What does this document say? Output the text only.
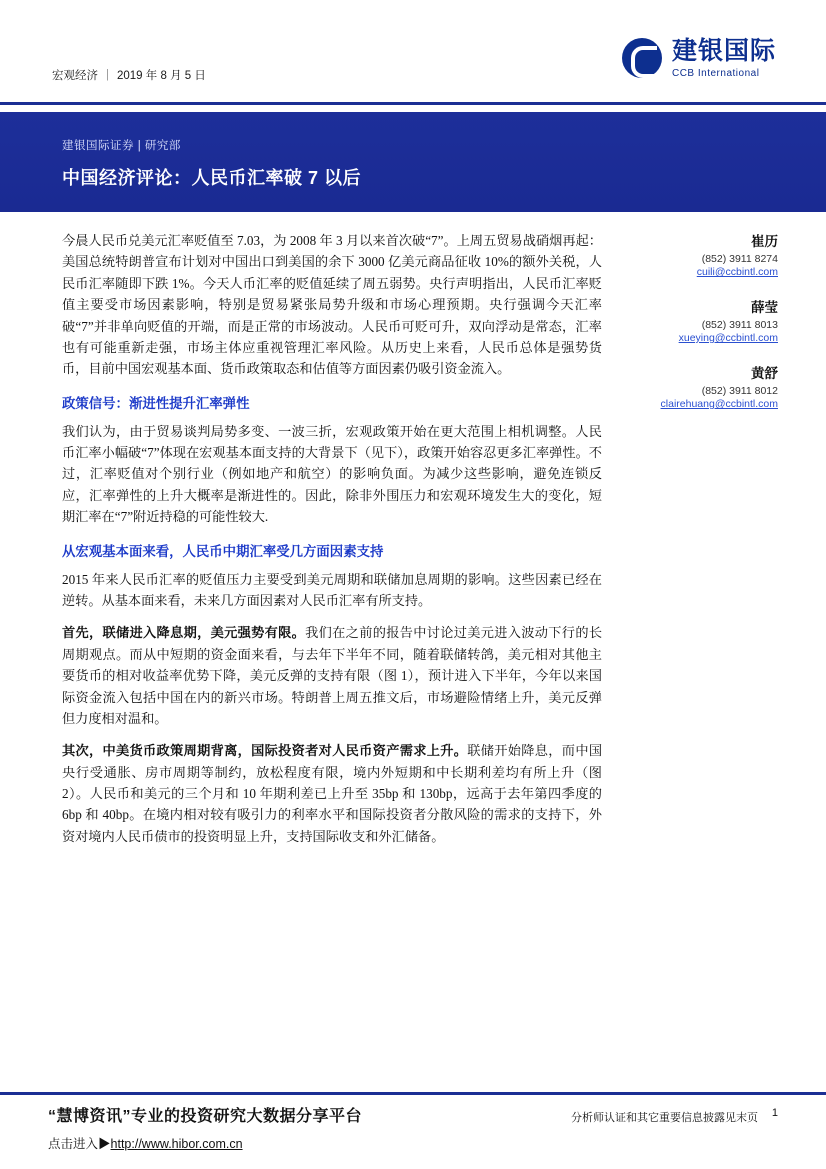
宏观经济 | 2019 年 8 月 5 日
建银国际
CCB International
建银国际证券 | 研究部
中国经济评论：人民币汇率破 7 以后

今晨人民币兑美元汇率贬值至 7.03，为 2008 年 3 月以来首次破“7”。上周五贸易战硝烟再起：美国总统特朗普宣布计划对中国出口到美国的余下 3000 亿美元商品征收 10%的额外关税，人民币汇率随即下跌 1%。今天人币汇率的贬值延续了周五弱势。央行声明指出，人民币汇率贬值主要受市场因素影响，特别是贸易紧张局势升级和市场心理预期。央行强调今天汇率破“7”并非单向贬值的开端，而是正常的市场波动。人民币可贬可升，双向浮动是常态，汇率也有可能重新走强，市场主体应重视管理汇率风险。从历史上来看，人民币总体是强势货币，目前中国宏观基本面、货币政策取态和估值等方面因素仍吸引资金流入。

政策信号：渐进性提升汇率弹性

我们认为，由于贸易谈判局势多变、一波三折，宏观政策开始在更大范围上相机调整。人民币汇率小幅破“7”体现在宏观基本面支持的大背景下（见下），政策开始容忍更多汇率弹性。不过，汇率贬值对个别行业（例如地产和航空）的影响负面。为减少这些影响，避免连锁反应，汇率弹性的上升大概率是渐进性的。因此，除非外围压力和宏观环境发生大的变化，短期汇率在“7”附近持稳的可能性较大.

从宏观基本面来看，人民币中期汇率受几方面因素支持

2015 年来人民币汇率的贬值压力主要受到美元周期和联储加息周期的影响。这些因素已经在逆转。从基本面来看，未来几方面因素对人民币汇率有所支持。

首先，联储进入降息期，美元强势有限。我们在之前的报告中讨论过美元进入波动下行的长周期观点。而从中短期的资金面来看，与去年下半年不同，随着联储转鸽，美元相对其他主要货币的相对收益率优势下降，美元反弹的支持有限（图 1），预计进入下半年，今年以来国际资金流入包括中国在内的新兴市场。特朗普上周五推文后，市场避险情绪上升，美元反弹但力度相对温和。

其次，中美货币政策周期背离，国际投资者对人民币资产需求上升。联储开始降息，而中国央行受通胀、房市周期等制约，放松程度有限，境内外短期和中长期利差均有所上升（图 2）。人民币和美元的三个月和 10 年期利差已上升至 35bp 和 130bp，远高于去年第四季度的 6bp 和 40bp。在境内相对较有吸引力的利率水平和国际投资者分散风险的需求的支持下，外资对境内人民币债市的投资明显上升，支持国际收支和外汇储备。

崔历
(852) 3911 8274
cuili@ccbintl.com
薛莹
(852) 3911 8013
xueying@ccbintl.com
黄舒
(852) 3911 8012
clairehuang@ccbintl.com
“慧博资讯”专业的投资研究大数据分享平台
点击进入▶http://www.hibor.com.cn
分析师认证和其它重要信息披露见末页 1
